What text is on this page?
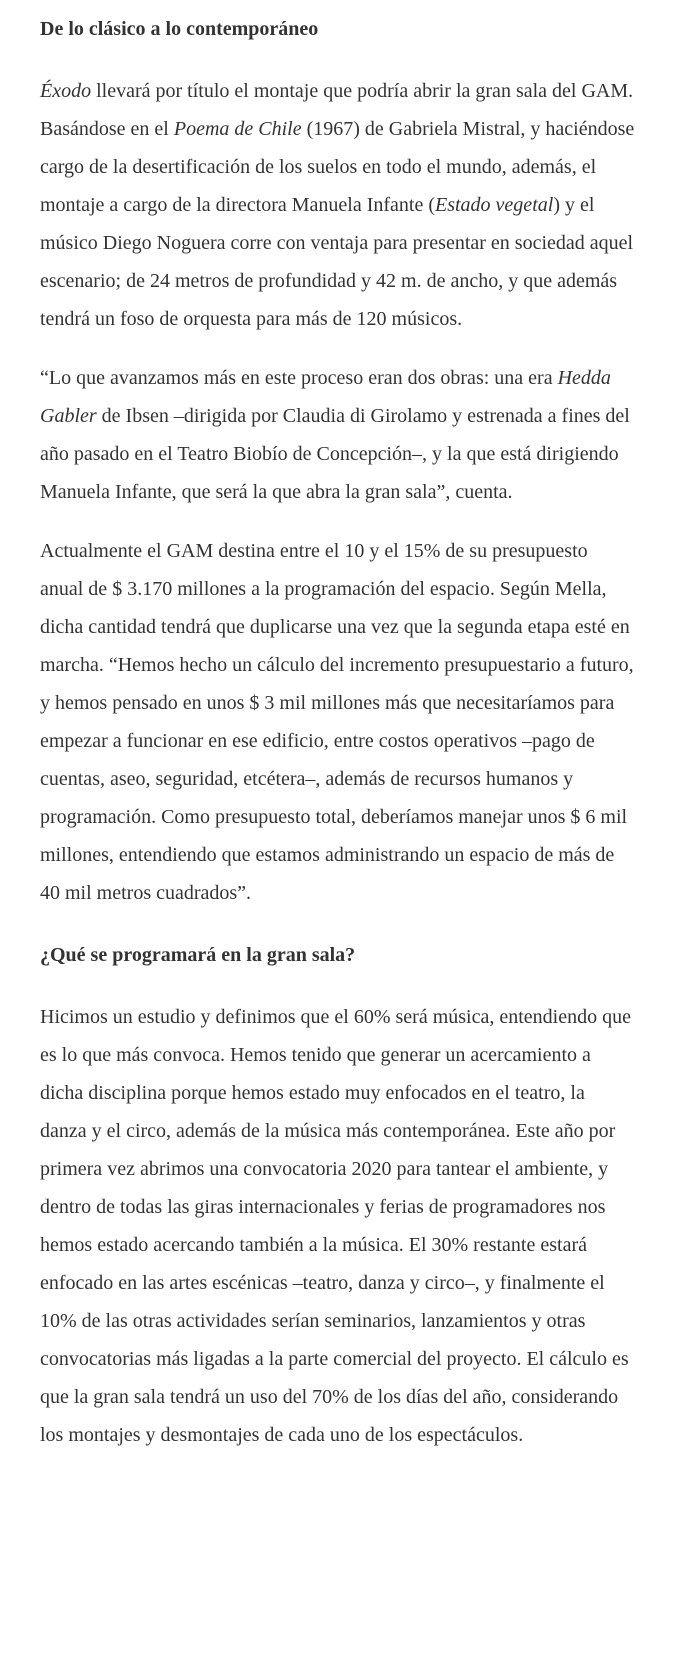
De lo clásico a lo contemporáneo

Éxodo llevará por título el montaje que podría abrir la gran sala del GAM. Basándose en el Poema de Chile (1967) de Gabriela Mistral, y haciéndose cargo de la desertificación de los suelos en todo el mundo, además, el montaje a cargo de la directora Manuela Infante (Estado vegetal) y el músico Diego Noguera corre con ventaja para presentar en sociedad aquel escenario; de 24 metros de profundidad y 42 m. de ancho, y que además tendrá un foso de orquesta para más de 120 músicos.

“Lo que avanzamos más en este proceso eran dos obras: una era Hedda Gabler de Ibsen –dirigida por Claudia di Girolamo y estrenada a fines del año pasado en el Teatro Biobío de Concepción–, y la que está dirigiendo Manuela Infante, que será la que abra la gran sala”, cuenta.

Actualmente el GAM destina entre el 10 y el 15% de su presupuesto anual de $ 3.170 millones a la programación del espacio. Según Mella, dicha cantidad tendrá que duplicarse una vez que la segunda etapa esté en marcha. “Hemos hecho un cálculo del incremento presupuestario a futuro, y hemos pensado en unos $ 3 mil millones más que necesitaríamos para empezar a funcionar en ese edificio, entre costos operativos –pago de cuentas, aseo, seguridad, etcétera–, además de recursos humanos y programación. Como presupuesto total, deberíamos manejar unos $ 6 mil millones, entendiendo que estamos administrando un espacio de más de 40 mil metros cuadrados”.

¿Qué se programará en la gran sala?

Hicimos un estudio y definimos que el 60% será música, entendiendo que es lo que más convoca. Hemos tenido que generar un acercamiento a dicha disciplina porque hemos estado muy enfocados en el teatro, la danza y el circo, además de la música más contemporánea. Este año por primera vez abrimos una convocatoria 2020 para tantear el ambiente, y dentro de todas las giras internacionales y ferias de programadores nos hemos estado acercando también a la música. El 30% restante estará enfocado en las artes escénicas –teatro, danza y circo–, y finalmente el 10% de las otras actividades serían seminarios, lanzamientos y otras convocatorias más ligadas a la parte comercial del proyecto. El cálculo es que la gran sala tendrá un uso del 70% de los días del año, considerando los montajes y desmontajes de cada uno de los espectáculos.
